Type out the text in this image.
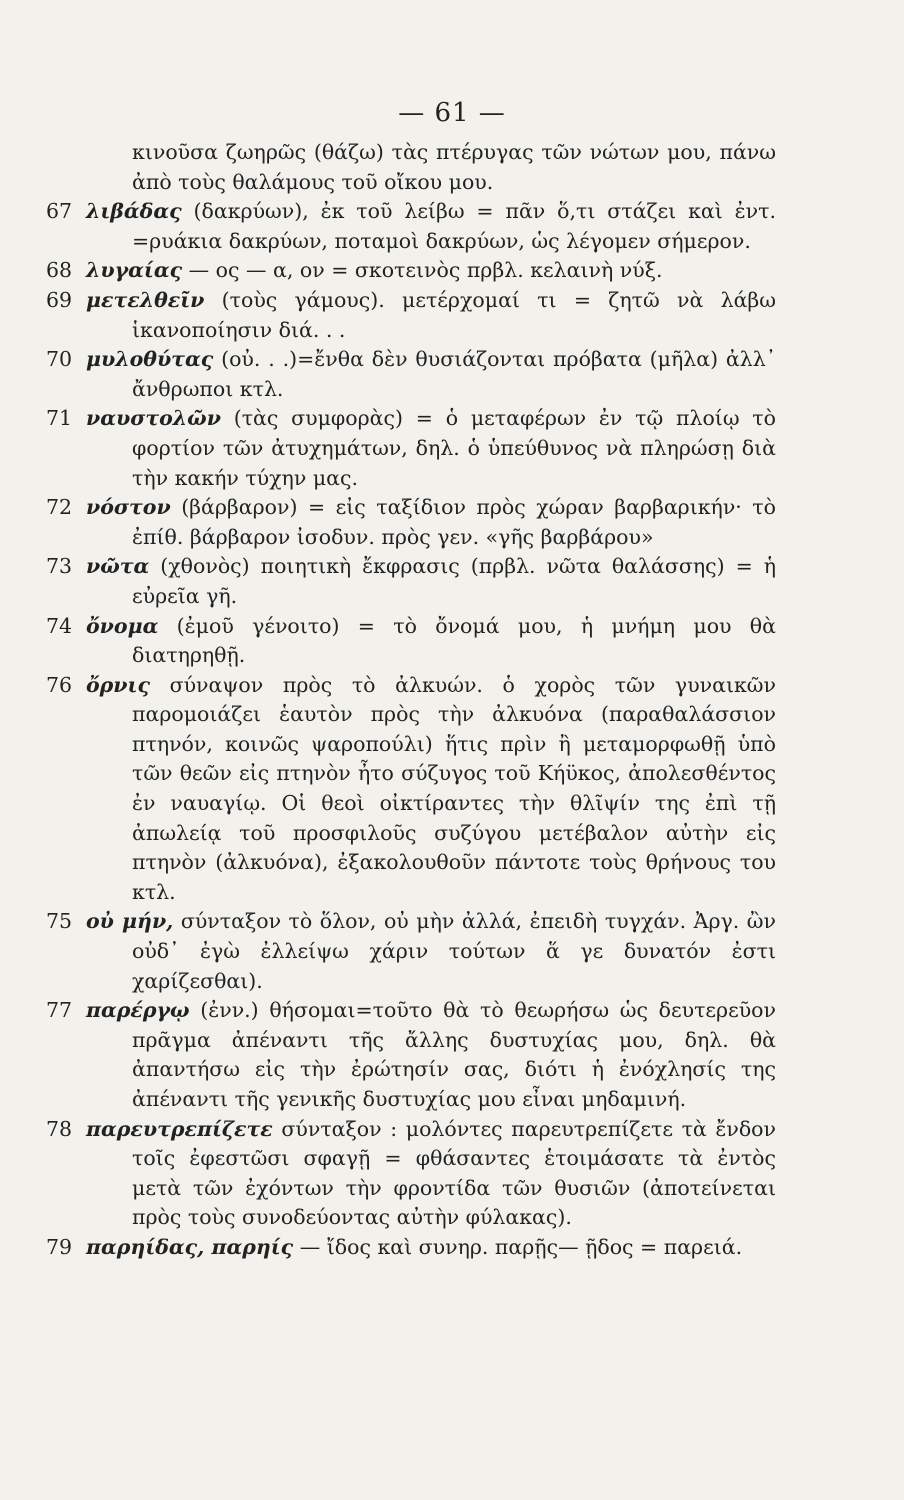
— 61 —

κινοῦσα ζωηρῶς (θάζω) τὰς πτέρυγας τῶν νώτων μου, πάνω ἀπὸ τοὺς θαλάμους τοῦ οἴκου μου.

67 λιβάδας (δακρύων), ἐκ τοῦ λείβω = πᾶν ὅ,τι στάζει καὶ ἐντ. =ρυάκια δακρύων, ποταμοὶ δακρύων, ὡς λέγομεν σήμερον.

68 λυγαίας — ος — α, ον = σκοτεινὸς πρβλ. κελαινὴ νύξ.

69 μετελθεῖν (τοὺς γάμους). μετέρχομαί τι = ζητῶ νὰ λάβω ἱκανοποίησιν διά. . .

70 μυλοθύτας (οὐ. . .)=ἔνθα δὲν θυσιάζονται πρόβατα (μῆλα) ἀλλ᾽ ἄνθρωποι κτλ.

71 ναυστολῶν (τὰς συμφορὰς) = ὁ μεταφέρων ἐν τῷ πλοίῳ τὸ φορτίον τῶν ἀτυχημάτων, δηλ. ὁ ὑπεύθυνος νὰ πληρώσῃ διὰ τὴν κακήν τύχην μας.

72 νόστον (βάρβαρον) = εἰς ταξίδιον πρὸς χώραν βαρβαρικήν· τὸ ἐπίθ. βάρβαρον ἰσοδυν. πρὸς γεν. «γῆς βαρβάρου»

73 νῶτα (χθονὸς) ποιητικὴ ἔκφρασις (πρβλ. νῶτα θαλάσσης) = ἡ εὐρεῖα γῆ.

74 ὄνομα (ἐμοῦ γένοιτο) = τὸ ὄνομά μου, ἡ μνήμη μου θὰ διατηρηθῇ.

76 ὄρνις σύναψον πρὸς τὸ ἀλκυών. ὁ χορὸς τῶν γυναικῶν παρομοιάζει ἑαυτὸν πρὸς τὴν ἀλκυόνα (παραθαλάσσιον πτηνόν, κοινῶς ψαροπούλι) ἥτις πρὶν ἢ μεταμορφωθῇ ὑπὸ τῶν θεῶν εἰς πτηνὸν ἦτο σύζυγος τοῦ Κήϋκος, ἀπολεσθέντος ἐν ναυαγίῳ. Οἱ θεοὶ οἰκτίραντες τὴν θλῖψίν της ἐπὶ τῇ ἀπωλείᾳ τοῦ προσφιλοῦς συζύγου μετέβαλον αὐτὴν εἰς πτηνὸν (ἀλκυόνα), ἐξακολουθοῦν πάντοτε τοὺς θρήνους του κτλ.

75 οὐ μήν, σύνταξον τὸ ὅλον, οὐ μὴν ἀλλά, ἐπειδὴ τυγχάν. Ἀργ. ὢν οὐδ᾽ ἐγὼ ἐλλείψω χάριν τούτων ἅ γε δυνατόν ἐστι χαρίζεσθαι).

77 παρέργῳ (ἐνν.) θήσομαι=τοῦτο θὰ τὸ θεωρήσω ὡς δευτερεῦον πρᾶγμα ἀπέναντι τῆς ἄλλης δυστυχίας μου, δηλ. θὰ ἀπαντήσω εἰς τὴν ἐρώτησίν σας, διότι ἡ ἐνόχλησίς της ἀπέναντι τῆς γενικῆς δυστυχίας μου εἶναι μηδαμινή.

78 παρευτρεπίζετε σύνταξον : μολόντες παρευτρεπίζετε τὰ ἔνδον τοῖς ἐφεστῶσι σφαγῇ = φθάσαντες ἑτοιμάσατε τὰ ἐντὸς μετὰ τῶν ἐχόντων τὴν φροντίδα τῶν θυσιῶν (ἀποτείνεται πρὸς τοὺς συνοδεύοντας αὐτὴν φύλακας).

79 παρηίδας, παρηίς — ἴδος καὶ συνηρ. παρῇς— ῇδος = παρειά.
